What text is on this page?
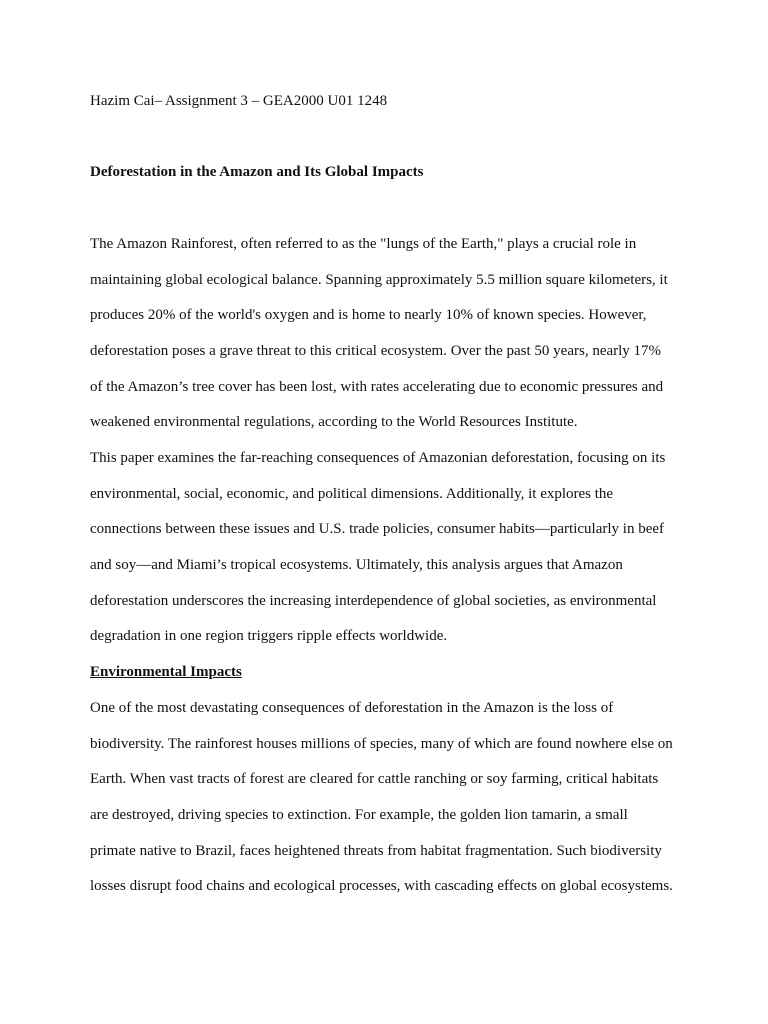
Hazim Cai– Assignment 3 – GEA2000 U01 1248
Deforestation in the Amazon and Its Global Impacts
The Amazon Rainforest, often referred to as the "lungs of the Earth," plays a crucial role in
maintaining global ecological balance. Spanning approximately 5.5 million square kilometers, it
produces 20% of the world's oxygen and is home to nearly 10% of known species. However,
deforestation poses a grave threat to this critical ecosystem. Over the past 50 years, nearly 17%
of the Amazon’s tree cover has been lost, with rates accelerating due to economic pressures and
weakened environmental regulations, according to the World Resources Institute.
This paper examines the far-reaching consequences of Amazonian deforestation, focusing on its
environmental, social, economic, and political dimensions. Additionally, it explores the
connections between these issues and U.S. trade policies, consumer habits—particularly in beef
and soy—and Miami’s tropical ecosystems. Ultimately, this analysis argues that Amazon
deforestation underscores the increasing interdependence of global societies, as environmental
degradation in one region triggers ripple effects worldwide.
Environmental Impacts
One of the most devastating consequences of deforestation in the Amazon is the loss of
biodiversity. The rainforest houses millions of species, many of which are found nowhere else on
Earth. When vast tracts of forest are cleared for cattle ranching or soy farming, critical habitats
are destroyed, driving species to extinction. For example, the golden lion tamarin, a small
primate native to Brazil, faces heightened threats from habitat fragmentation. Such biodiversity
losses disrupt food chains and ecological processes, with cascading effects on global ecosystems.
